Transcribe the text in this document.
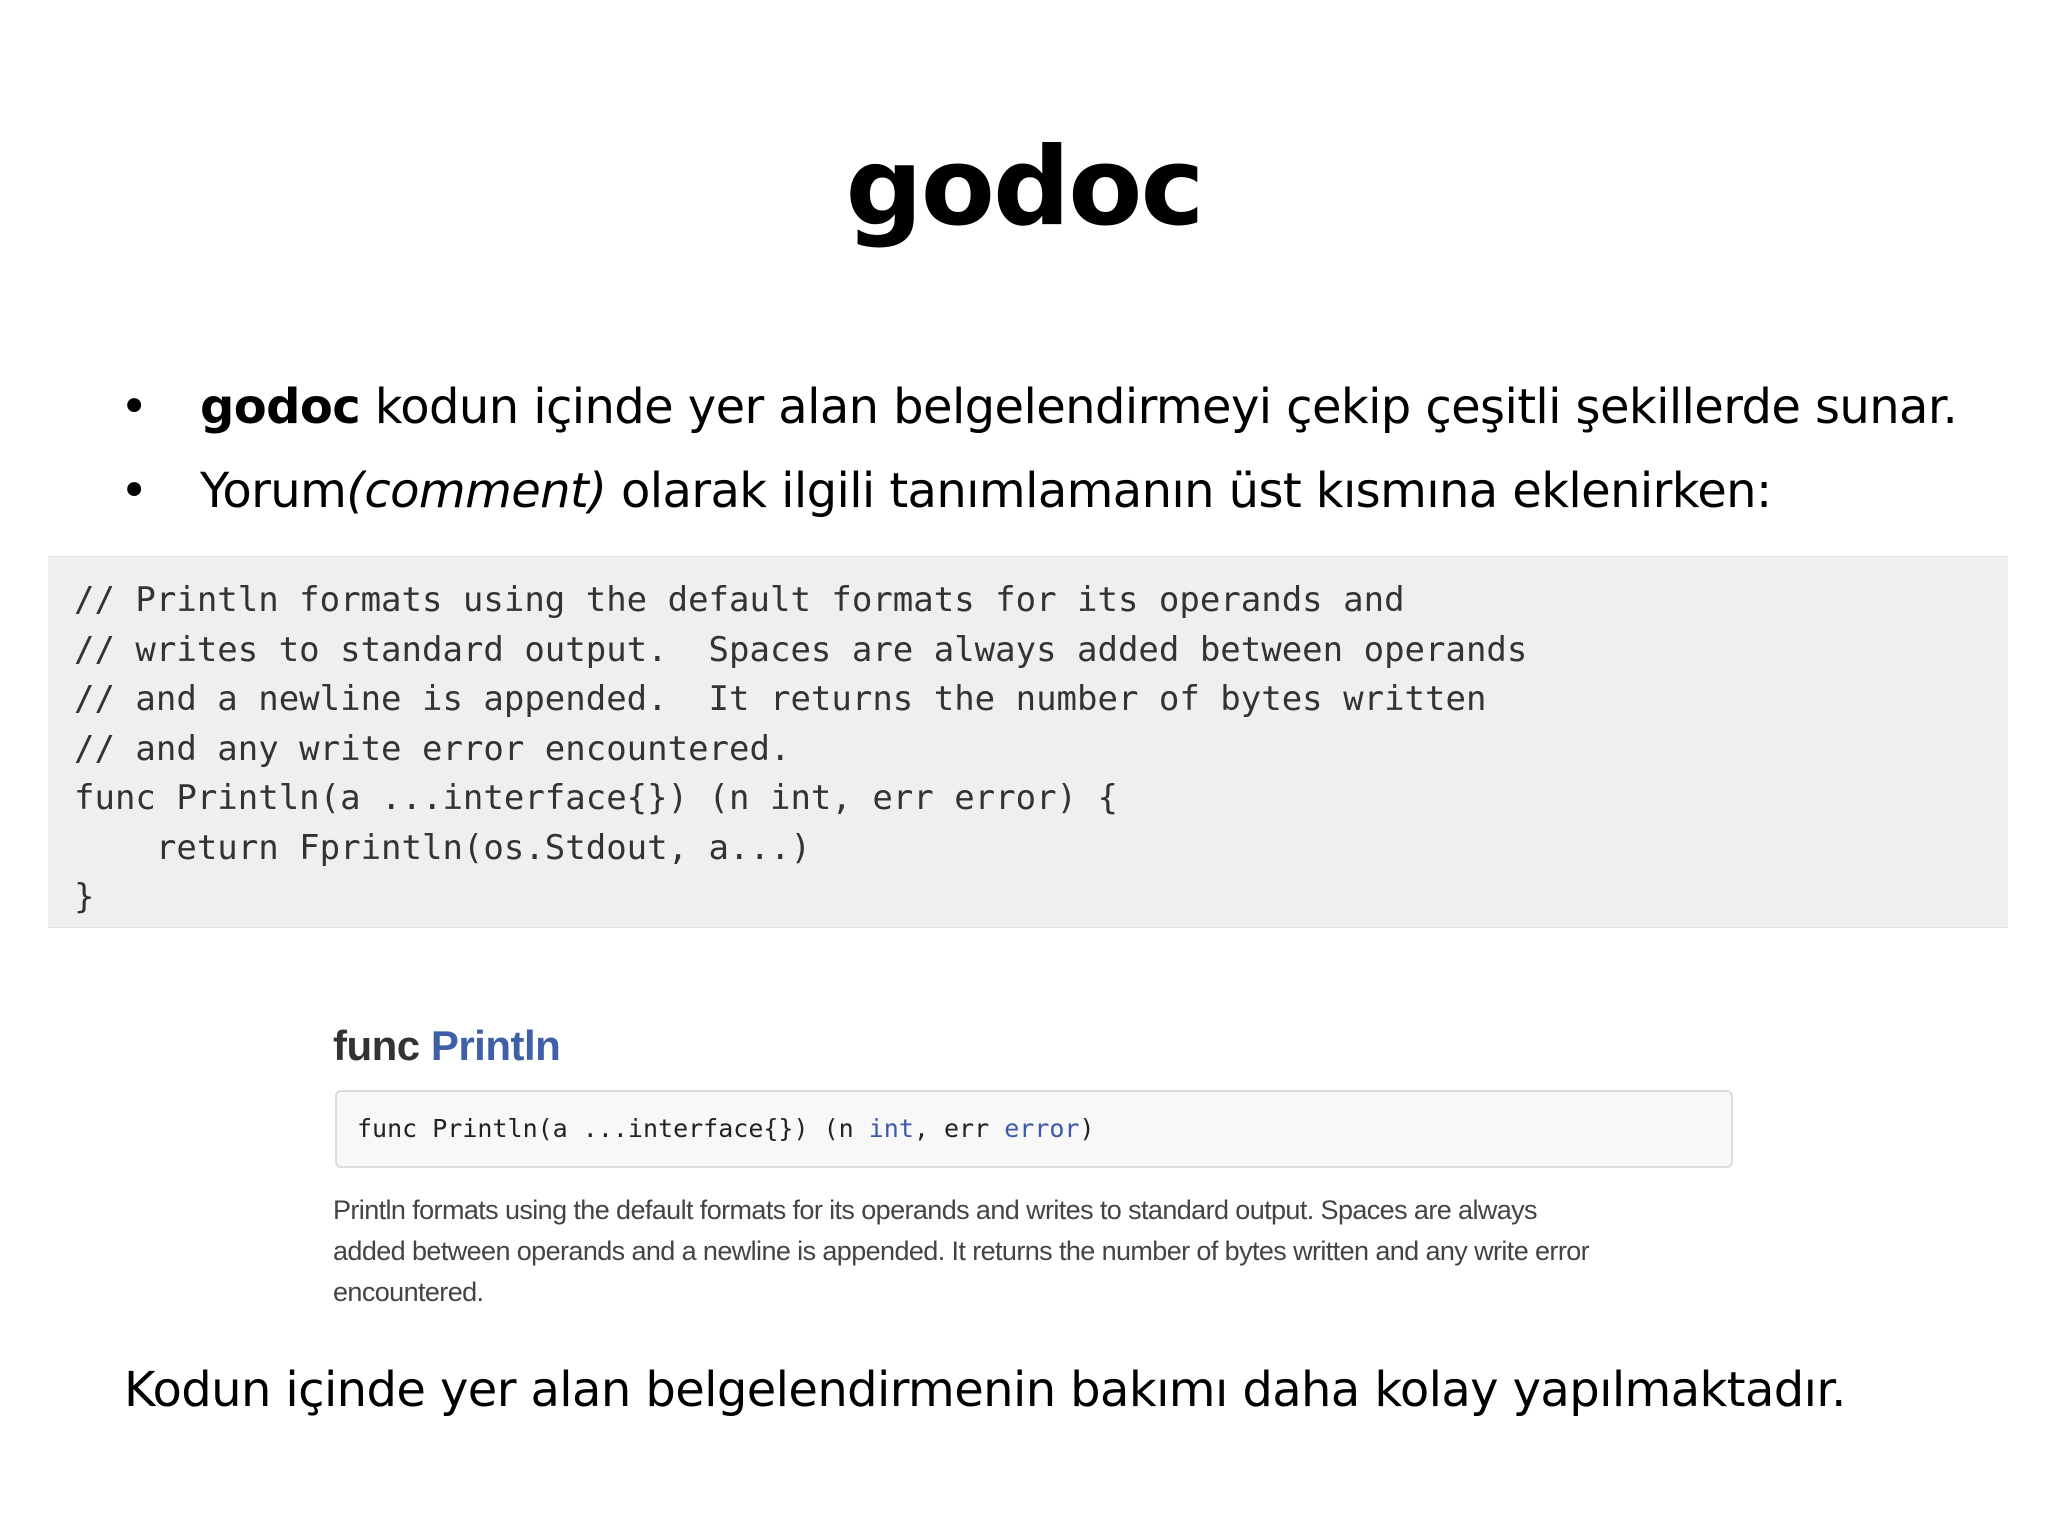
godoc
• godoc kodun içinde yer alan belgelendirmeyi çekip çeşitli şekillerde sunar.
• Yorum(comment) olarak ilgili tanımlamanın üst kısmına eklenirken:
// Println formats using the default formats for its operands and
// writes to standard output.  Spaces are always added between operands
// and a newline is appended.  It returns the number of bytes written
// and any write error encountered.
func Println(a ...interface{}) (n int, err error) {
return Fprintln(os.Stdout, a...)
}
func Println
func Println(a ...interface{}) (n int, err error)
Println formats using the default formats for its operands and writes to standard output. Spaces are always
added between operands and a newline is appended. It returns the number of bytes written and any write error
encountered.
Kodun içinde yer alan belgelendirmenin bakımı daha kolay yapılmaktadır.
